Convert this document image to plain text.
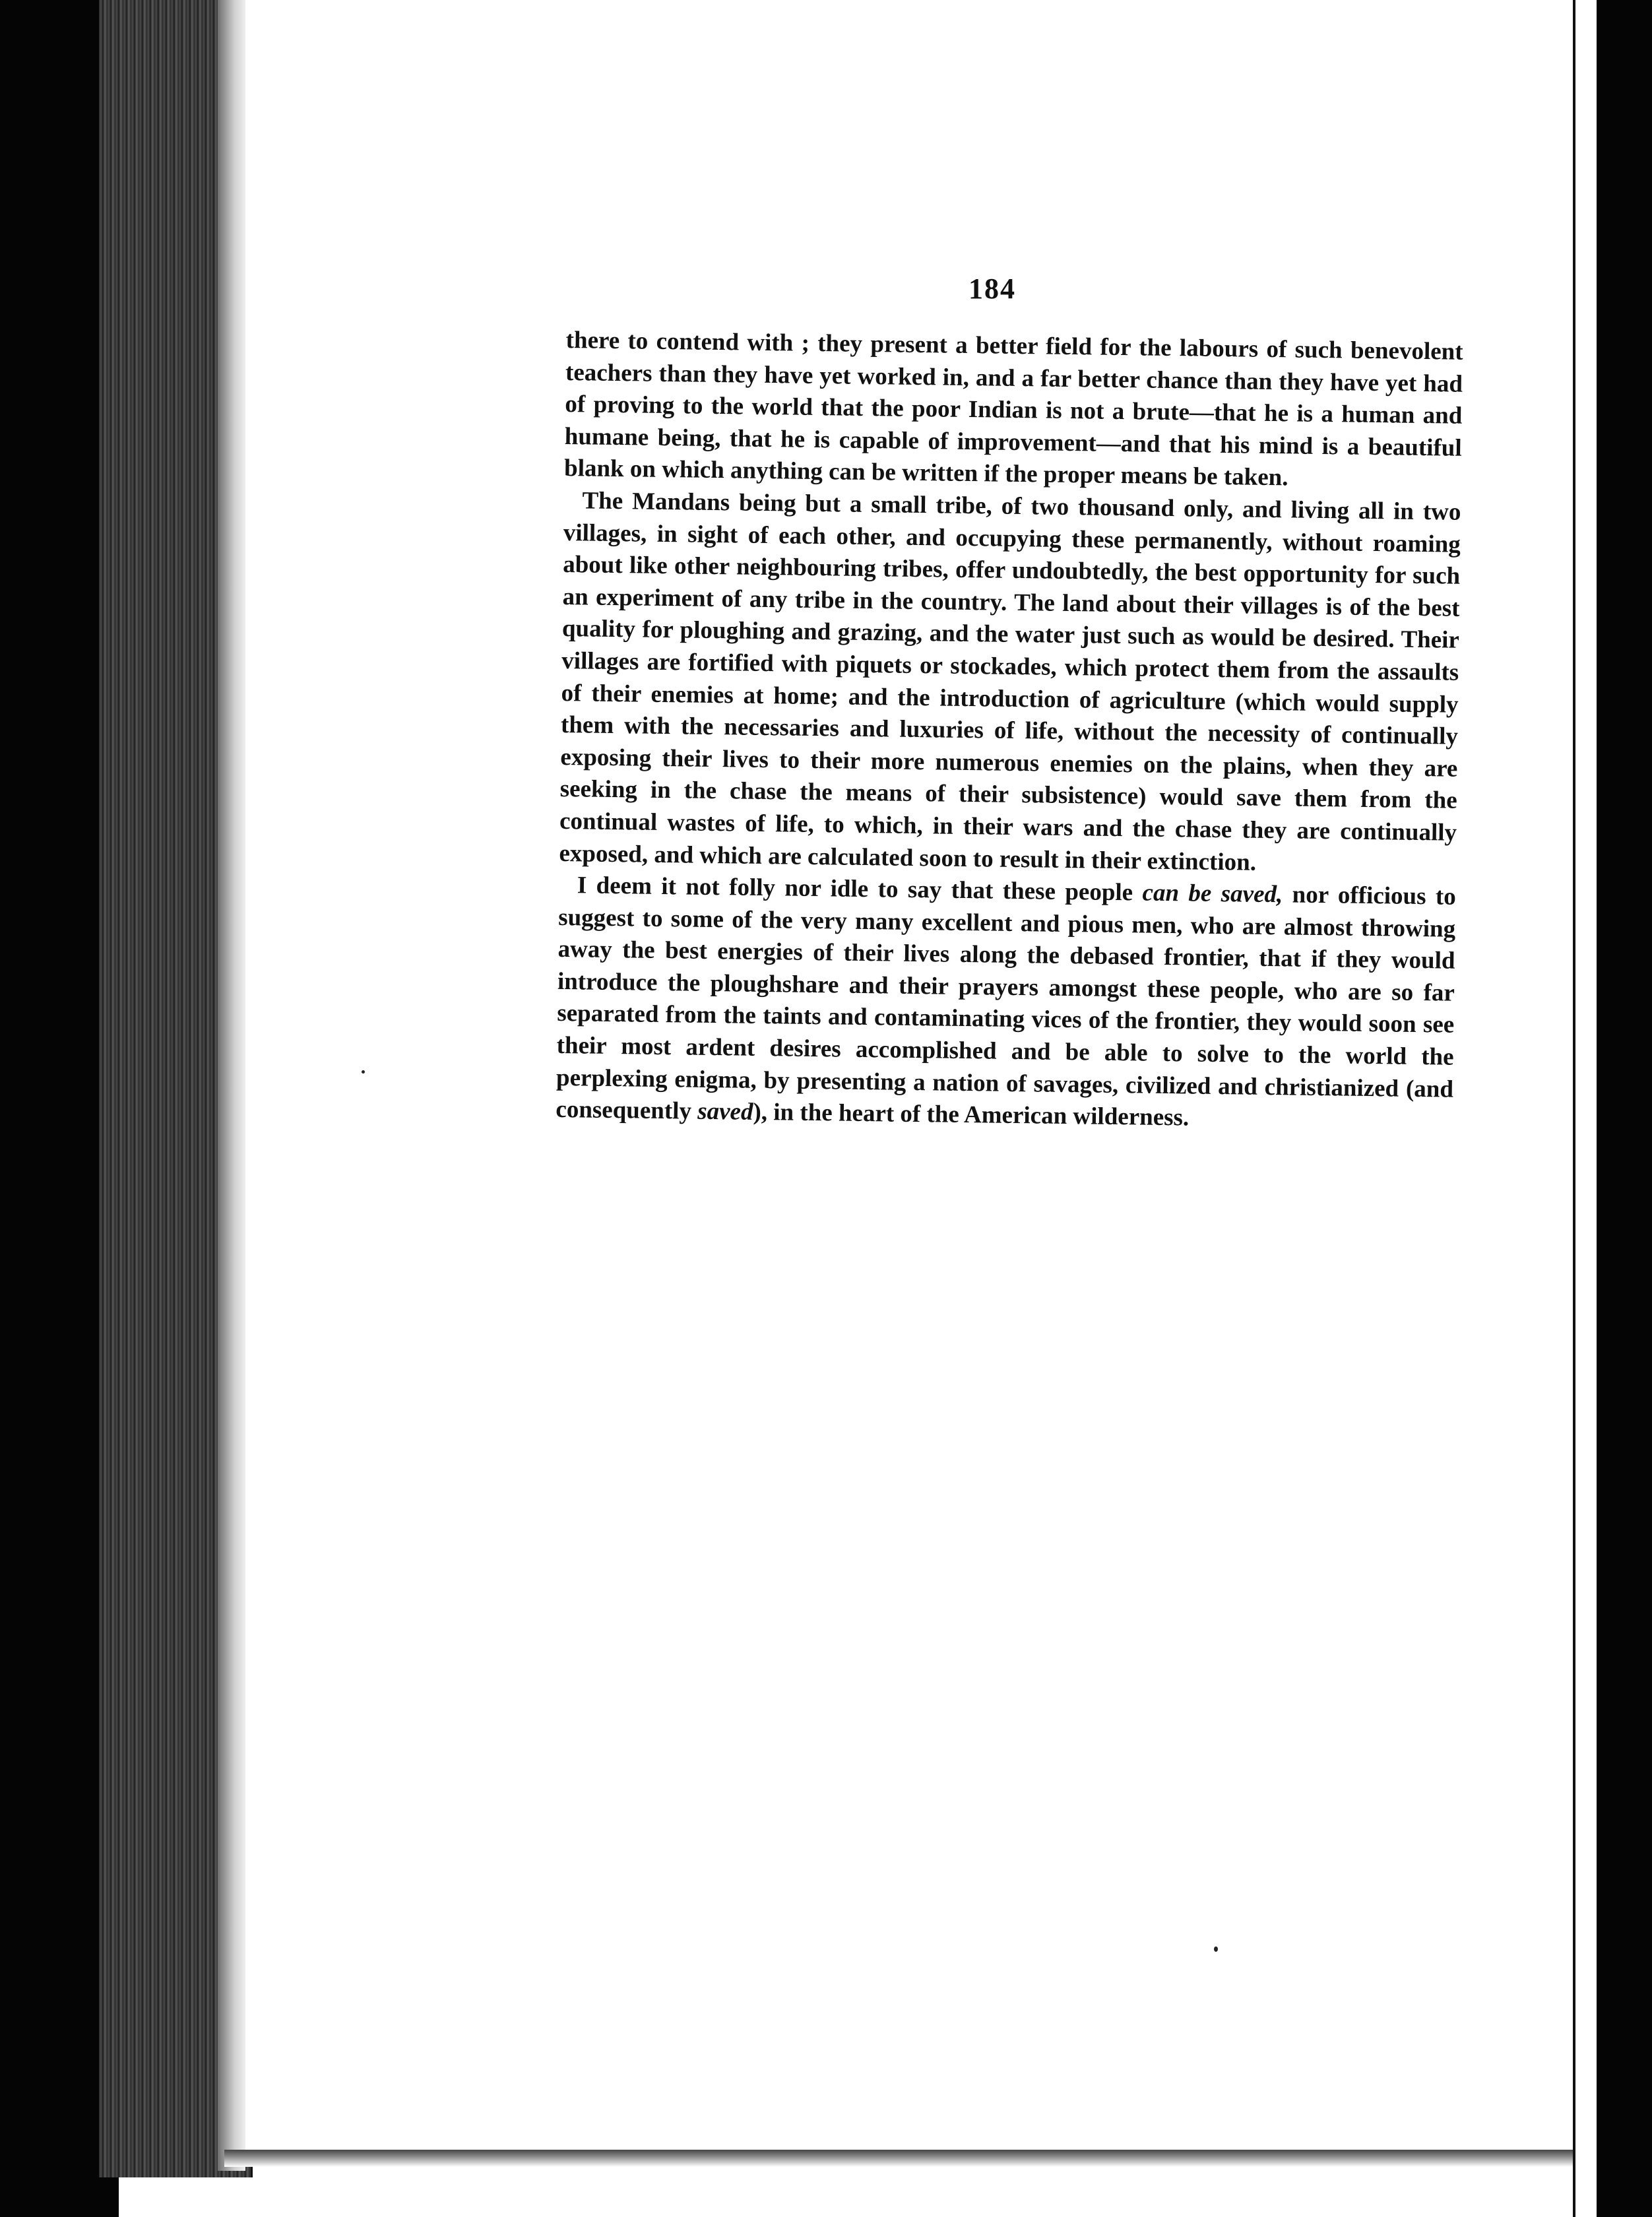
184

there to contend with ; they present a better field for the labours of such benevolent teachers than they have yet worked in, and a far better chance than they have yet had of proving to the world that the poor Indian is not a brute—that he is a human and humane being, that he is capable of improvement—and that his mind is a beautiful blank on which anything can be written if the proper means be taken.

The Mandans being but a small tribe, of two thousand only, and living all in two villages, in sight of each other, and occupying these permanently, without roaming about like other neighbouring tribes, offer undoubtedly, the best opportunity for such an experiment of any tribe in the country. The land about their villages is of the best quality for ploughing and grazing, and the water just such as would be desired. Their villages are fortified with piquets or stockades, which protect them from the assaults of their enemies at home; and the introduction of agriculture (which would supply them with the necessaries and luxuries of life, without the necessity of continually exposing their lives to their more numerous enemies on the plains, when they are seeking in the chase the means of their subsistence) would save them from the continual wastes of life, to which, in their wars and the chase they are continually exposed, and which are calculated soon to result in their extinction.

I deem it not folly nor idle to say that these people can be saved, nor officious to suggest to some of the very many excellent and pious men, who are almost throwing away the best energies of their lives along the debased frontier, that if they would introduce the ploughshare and their prayers amongst these people, who are so far separated from the taints and contaminating vices of the frontier, they would soon see their most ardent desires accomplished and be able to solve to the world the perplexing enigma, by presenting a nation of savages, civilized and christianized (and consequently saved), in the heart of the American wilderness.
